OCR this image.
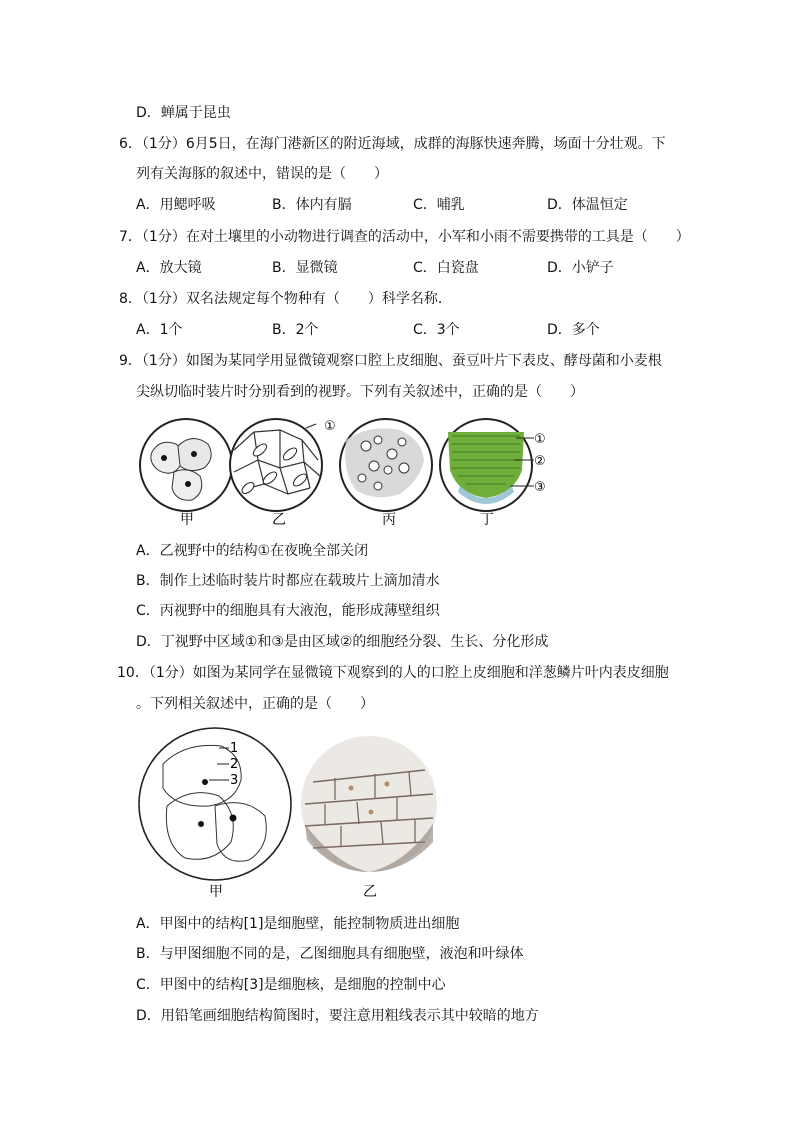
D．蝉属于昆虫
6．（1分）6月5日，在海门港新区的附近海域，成群的海豚快速奔腾，场面十分壮观。下
列有关海豚的叙述中，错误的是（　　）
A．用鳃呼吸	B．体内有膈	C．哺乳	D．体温恒定
7．（1分）在对土壤里的小动物进行调查的活动中，小军和小雨不需要携带的工具是（　　）
A．放大镜	B．显微镜	C．白瓷盘	D．小铲子
8．（1分）双名法规定每个物种有（　　）科学名称．
A．1个	B．2个	C．3个	D．多个
9．（1分）如图为某同学用显微镜观察口腔上皮细胞、蚕豆叶片下表皮、酵母菌和小麦根
尖纵切临时装片时分别看到的视野。下列有关叙述中，正确的是（　　）
①
①
②
③
甲	乙	丙	丁
A．乙视野中的结构①在夜晚全部关闭
B．制作上述临时装片时都应在载玻片上滴加清水
C．丙视野中的细胞具有大液泡，能形成薄壁组织
D．丁视野中区域①和③是由区域②的细胞经分裂、生长、分化形成
10．（1分）如图为某同学在显微镜下观察到的人的口腔上皮细胞和洋葱鳞片叶内表皮细胞
。下列相关叙述中，正确的是（　　）
1
2
3
甲	乙
A．甲图中的结构[1]是细胞壁，能控制物质进出细胞
B．与甲图细胞不同的是，乙图细胞具有细胞壁，液泡和叶绿体
C．甲图中的结构[3]是细胞核，是细胞的控制中心
D．用铅笔画细胞结构简图时，要注意用粗线表示其中较暗的地方
